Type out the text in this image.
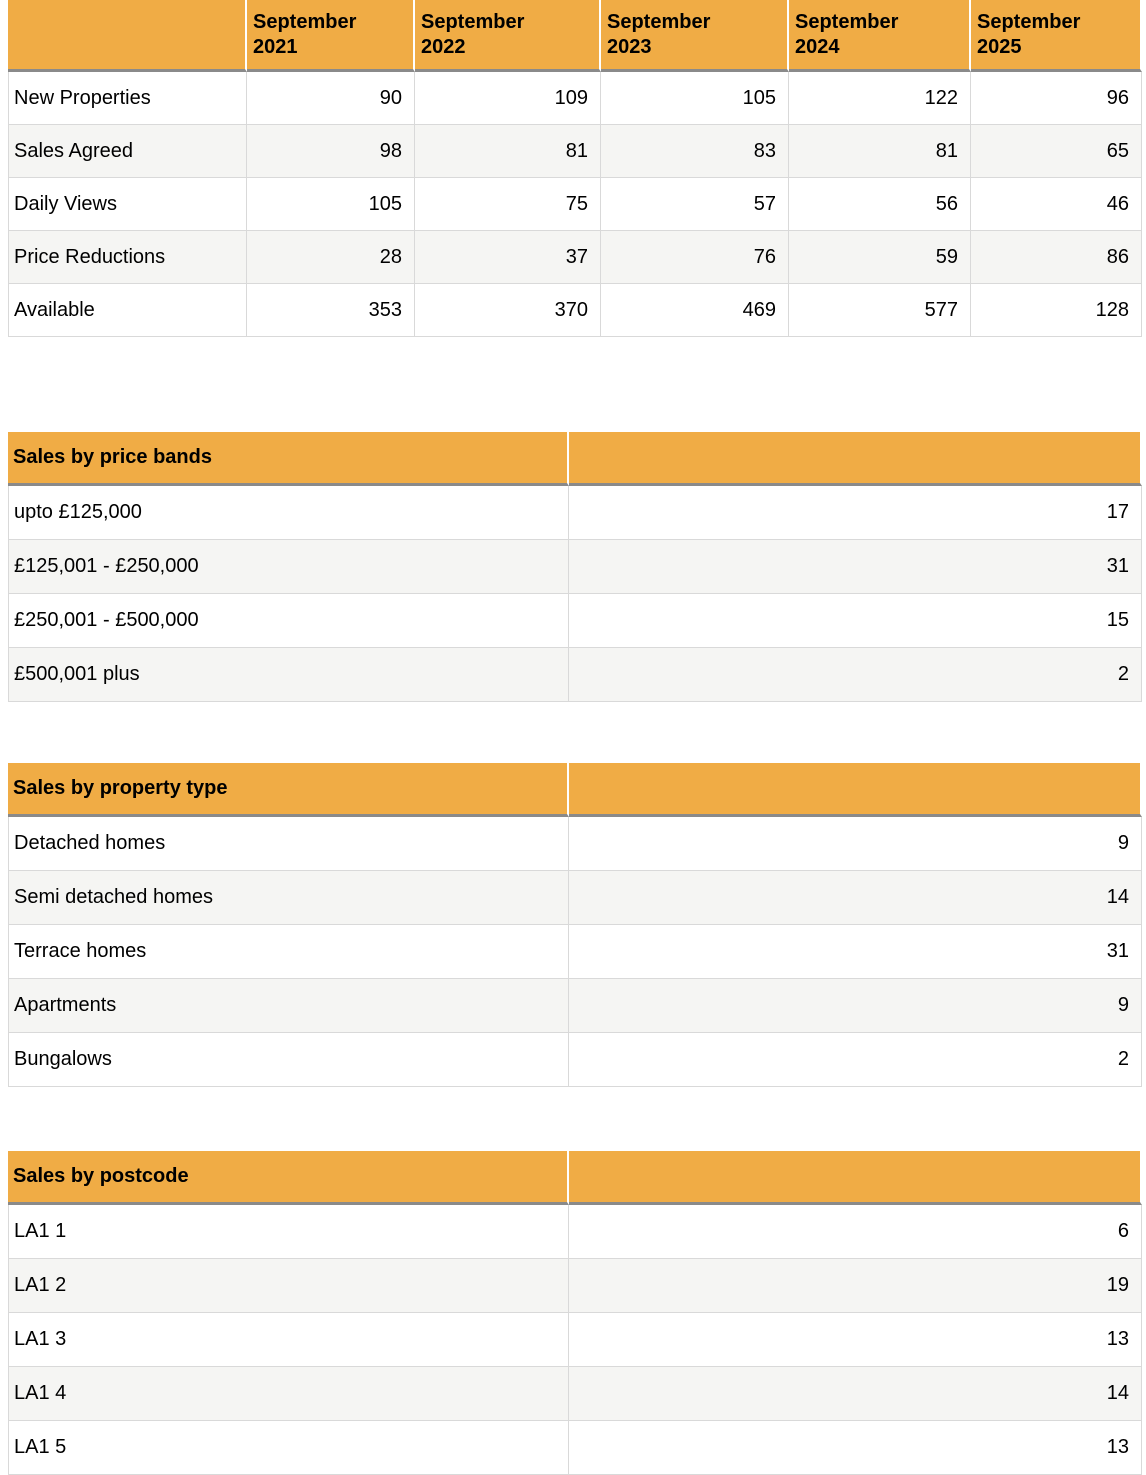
	September 2021	September 2022	September 2023	September 2024	September 2025
New Properties	90	109	105	122	96
Sales Agreed	98	81	83	81	65
Daily Views	105	75	57	56	46
Price Reductions	28	37	76	59	86
Available	353	370	469	577	128
Sales by price bands	
upto £125,000	17
£125,001 - £250,000	31
£250,001 - £500,000	15
£500,001 plus	2
Sales by property type	
Detached homes	9
Semi detached homes	14
Terrace homes	31
Apartments	9
Bungalows	2
Sales by postcode	
LA1 1	6
LA1 2	19
LA1 3	13
LA1 4	14
LA1 5	13
